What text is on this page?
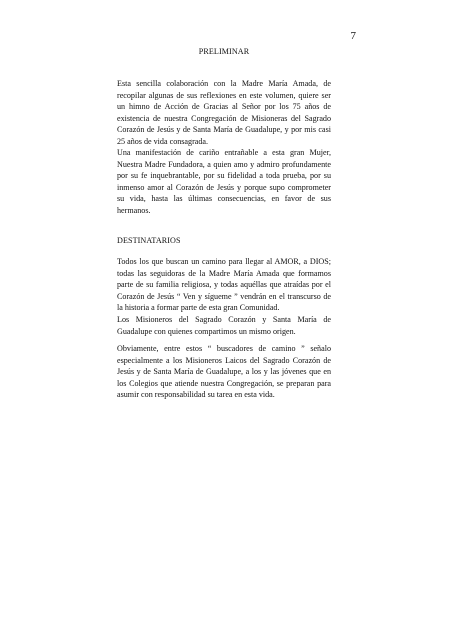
7
PRELIMINAR

Esta sencilla colaboración con la Madre María Amada, de recopilar algunas de sus reflexiones en este volumen, quiere ser un himno de Acción de Gracias al Señor por los 75 años de existencia de nuestra Congregación de Misioneras del Sagrado Corazón de Jesús y de Santa María de Guadalupe, y por mis casi 25 años de vida consagrada.

Una manifestación de cariño entrañable a esta gran Mujer, Nuestra Madre Fundadora, a quien amo y admiro profundamente por su fe inquebrantable, por su fidelidad a toda prueba, por su inmenso amor al Corazón de Jesús y porque supo comprometer su vida, hasta las últimas consecuencias, en favor de sus hermanos.

DESTINATARIOS

Todos los que buscan un camino para llegar al AMOR, a DIOS; todas las seguidoras de la Madre María Amada que formamos parte de su familia religiosa, y todas aquéllas que atraídas por el Corazón de Jesús “ Ven y sígueme ” vendrán en el transcurso de la historia a formar parte de esta gran Comunidad.

Los Misioneros del Sagrado Corazón y Santa María de Guadalupe con quienes compartimos un mismo origen.

Obviamente, entre estos “ buscadores de camino ” señalo especialmente a los Misioneros Laicos del Sagrado Corazón de Jesús y de Santa María de Guadalupe, a los y las jóvenes que en los Colegios que atiende nuestra Congregación, se preparan para asumir con responsabilidad su tarea en esta vida.
